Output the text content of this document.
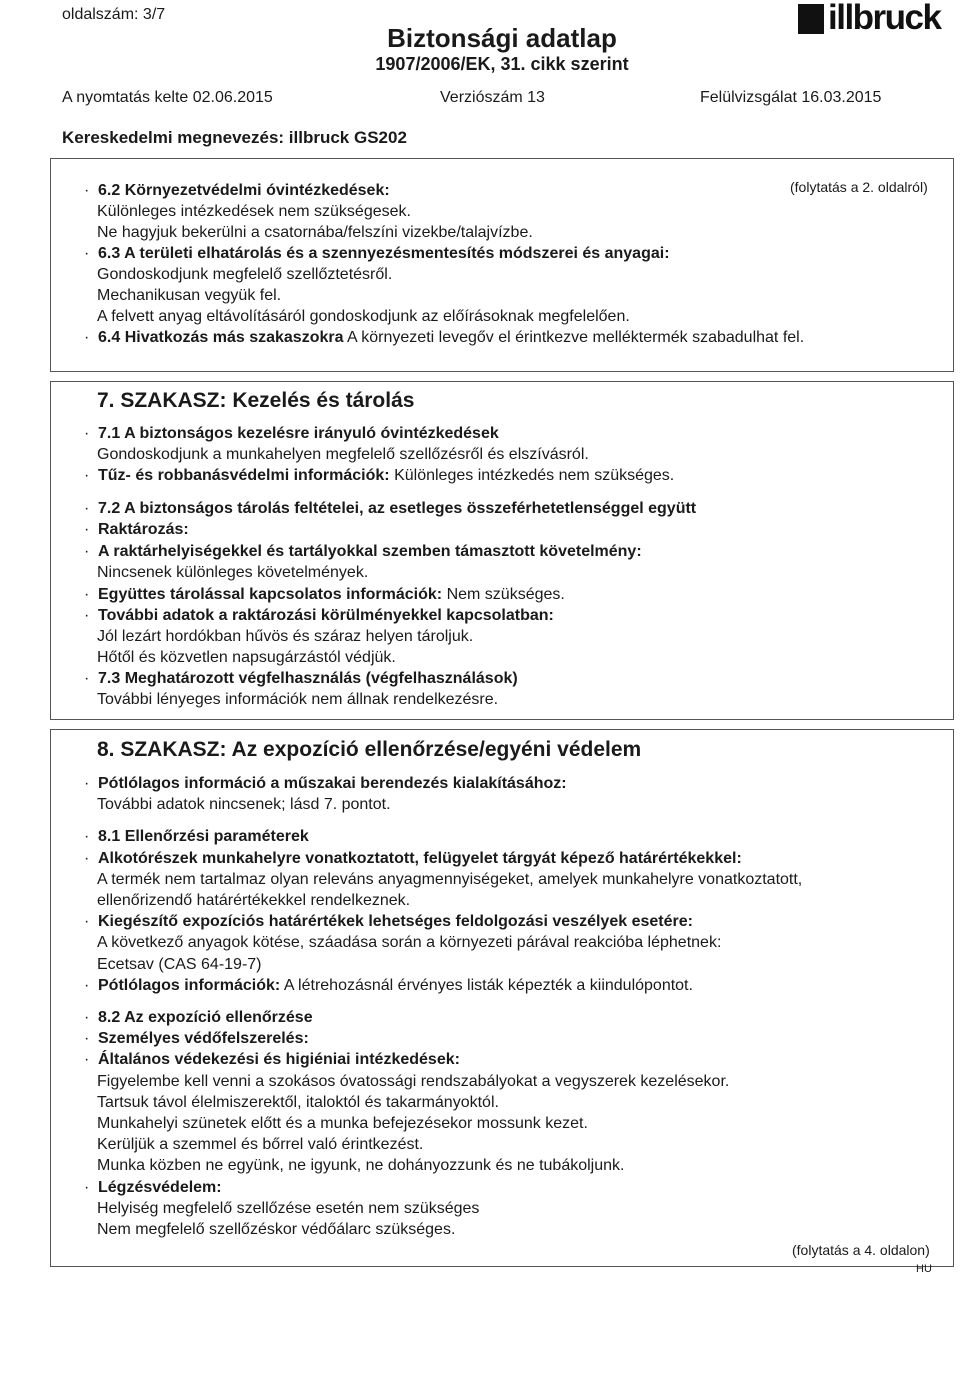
oldalszám: 3/7
Biztonsági adatlap
1907/2006/EK, 31. cikk szerint
illbruck
A nyomtatás kelte 02.06.2015	Verziószám 13	Felülvizsgálat 16.03.2015
Kereskedelmi megnevezés: illbruck GS202
(folytatás a 2. oldalról)
· 6.2 Környezetvédelmi óvintézkedések:
Különleges intézkedések nem szükségesek.
Ne hagyjuk bekerülni a csatornába/felszíni vizekbe/talajvízbe.
· 6.3 A területi elhatárolás és a szennyezésmentesítés módszerei és anyagai:
Gondoskodjunk megfelelő szellőztetésről.
Mechanikusan vegyük fel.
A felvett anyag eltávolításáról gondoskodjunk az előírásoknak megfelelően.
· 6.4 Hivatkozás más szakaszokra A környezeti levegőv el érintkezve melléktermék szabadulhat fel.
7. SZAKASZ: Kezelés és tárolás
· 7.1 A biztonságos kezelésre irányuló óvintézkedések
Gondoskodjunk a munkahelyen megfelelő szellőzésről és elszívásról.
· Tűz- és robbanásvédelmi információk: Különleges intézkedés nem szükséges.
· 7.2 A biztonságos tárolás feltételei, az esetleges összeférhetetlenséggel együtt
· Raktározás:
· A raktárhelyiségekkel és tartályokkal szemben támasztott követelmény:
Nincsenek különleges követelmények.
· Együttes tárolással kapcsolatos információk: Nem szükséges.
· További adatok a raktározási körülményekkel kapcsolatban:
Jól lezárt hordókban hűvös és száraz helyen tároljuk.
Hőtől és közvetlen napsugárzástól védjük.
· 7.3 Meghatározott végfelhasználás (végfelhasználások)
További lényeges információk nem állnak rendelkezésre.
8. SZAKASZ: Az expozíció ellenőrzése/egyéni védelem
· Pótlólagos információ a műszakai berendezés kialakításához:
További adatok nincsenek; lásd 7. pontot.
· 8.1 Ellenőrzési paraméterek
· Alkotórészek munkahelyre vonatkoztatott, felügyelet tárgyát képező határértékekkel:
A termék nem tartalmaz olyan releváns anyagmennyiségeket, amelyek munkahelyre vonatkoztatott,
ellenőrizendő határértékekkel rendelkeznek.
· Kiegészítő expozíciós határértékek lehetséges feldolgozási veszélyek esetére:
A következő anyagok kötése, száadása során a környezeti párával reakcióba léphetnek:
Ecetsav (CAS 64-19-7)
· Pótlólagos információk: A létrehozásnál érvényes listák képezték a kiindulópontot.
· 8.2 Az expozíció ellenőrzése
· Személyes védőfelszerelés:
· Általános védekezési és higiéniai intézkedések:
Figyelembe kell venni a szokásos óvatossági rendszabályokat a vegyszerek kezelésekor.
Tartsuk távol élelmiszerektől, italoktól és takarmányoktól.
Munkahelyi szünetek előtt és a munka befejezésekor mossunk kezet.
Kerüljük a szemmel és bőrrel való érintkezést.
Munka közben ne együnk, ne igyunk, ne dohányozzunk és ne tubákoljunk.
· Légzésvédelem:
Helyiség megfelelő szellőzése esetén nem szükséges
Nem megfelelő szellőzéskor védőálarc szükséges.
(folytatás a 4. oldalon)
HU
